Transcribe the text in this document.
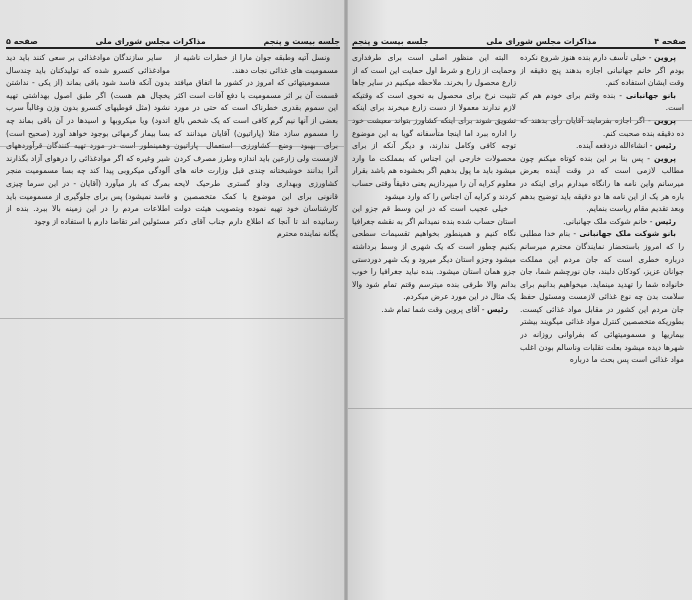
جلسه بیست و پنجم
مذاکرات مجلس شورای ملی
صفحه ۵

ونسل آتیه وطبقه جوان مارا از خطرات ناشیه از مسمومیت های غذائی نجات دهند.

مسمومیتهائی که امروز در کشور ما اتفاق میافتد قسمت آن بر اثر مسمومیت با دفع آفات است اکثر این سموم بقدری خطرناک است که حتی در مورد بعضی از آنها نیم گرم کافی است که یک شخص بالغ را مسموم سازد مثلا (پاراتیون) آقایان میدانند که لازمست ولی زارعین باید اندازه وطرز مصرف کردن آنرا بدانند خوشبختانه چندی قبل وزارت خانه های کشاورزی وبهداری وداو گستری طرحیک لایحه قانونی برای این موضوع با کمک متخصصین و کارشناسان خود تهیه نموده وبتصویب هیئت دولت رسانیده اند تا آنجا که اطلاع دارم جناب آقای دکتر یگانه نماینده محترم

سایر سازندگان موادغذائی بر سعی کنند باید دید موادغذائی کنسرو شده که تولیدکنان باید چندسال بدون آنکه فاسد شود باقی بماند (از یکی - نداشتن یخچال هم هست) اگر طبق اصول بهداشتی تهیه نشود (مثل قوطیهای کنسرو بدون وزن وغالباً سرب اندود) ویا میکروبها و اسیدها در آن باقی بماند چه بسا بیمار گرمهائی بوجود خواهد آورد (صحیح است) شیر وغیره که اگر موادغذائی را درهوای آزاد بگذارند آلودگی میکروبی پیدا کند چه بسا مسمومیت منجر بمرگ که بار میآورد (آقایان - در این سرما چیزی فاسد نمیشود) پس برای جلوگیری از مسمومیت باید اطلاعات مردم را در این زمینه بالا ببرد. بنده از مسئولین امر تقاضا دارم با استفاده از وجود

صفحه ۴
مذاکرات مجلس شورای ملی
جلسه بیست و پنجم

پروین - خیلی تأسف دارم بنده هنوز شروع نکرده بودم اگر خانم جهانبانی اجازه بدهند پنج دقیقه از وقت ایشان استفاده کنم.

بانو جهانبانی - بنده وقتم برای خودم هم کم است.

ده دقیقه بنده صحبت کنم.

رئیس - انشاءالله دردفعه آینده.

پروین - پس بنا بر این بنده کوتاه میکنم چون مطالب لازمی است که در وقت آینده بعرض میرسانم واین نامه ها رانگاه میدارم برای اینکه در باره هر یک از این نامه ها دو دقیقه باید توضیح بدهم وبعد تقدیم مقام ریاست بنمایم.

رئیس - خانم شوکت ملک جهانبانی.

بانو شوکت ملک جهانبانی - بنام خدا مطلبی را که امروز باستحضار نمایندگان محترم میرسانم درباره خطری است که جان مردم این مملکت جوانان عزیز، کودکان دلبند، جان نورچشم شما، جان خانواده شما را تهدید مینماید. میخواهیم بدانیم برای سلامت بدن چه نوع غذائی لازمست ومسئول حفظ جان مردم این کشور در مقابل مواد غذائی کیست. بطوریکه متخصصین کنترل مواد غذائی میگویند بیشتر بیماریها و مسمومیتهائی که بفراوانی روزانه در شهرها دیده میشود بعلت تقلبات وناسالم بودن اغلب مواد غذائی است پس بحث ما درباره

البته این منظور اصلی است برای طرفداری وحمایت از زارع و شرط اول حمایت این است که از زارع محصول را بخرند. ملاحظه میکنیم در سایر جاها تثبیت نرخ برای محصول به نحوی است که وقتیکه لازم ندارند معمولا از دست زارع میخرند برای اینکه را اداره ببرد اما اینجا متأسفانه گویا به این موضوع توجه کافی وکامل ندارند، و دیگر آنکه از برای محصولات خارجی این اجناس که بمملکت ما وارد میشود باید ما پول بدهیم اگر بخشوده هم باشد بقرار معلوم کرایه آن را میپردازیم یعنی دقیقاً وقتی حساب کردند و کرایه آن اجناس را که وارد میشود

خیلی عجیب است که در این وسط قم جزو این استان حساب شده بنده نمیدانم اگر به نقشه جغرافیا نگاه کنیم و همینطور بخواهیم تقسیمات سطحی بکنیم چطور است که یک شهری از وسط برداشته میشود وجزو استان دیگر میرود و یک شهر دوردستی جزو همان استان میشود. بنده نباید جغرافیا را خوب بدانم والا طرفی بنده میترسم وقتم تمام شود والا یک مثال در این مورد عرض میکردم.

رئیس - آقای پروین وقت شما تمام شد.
